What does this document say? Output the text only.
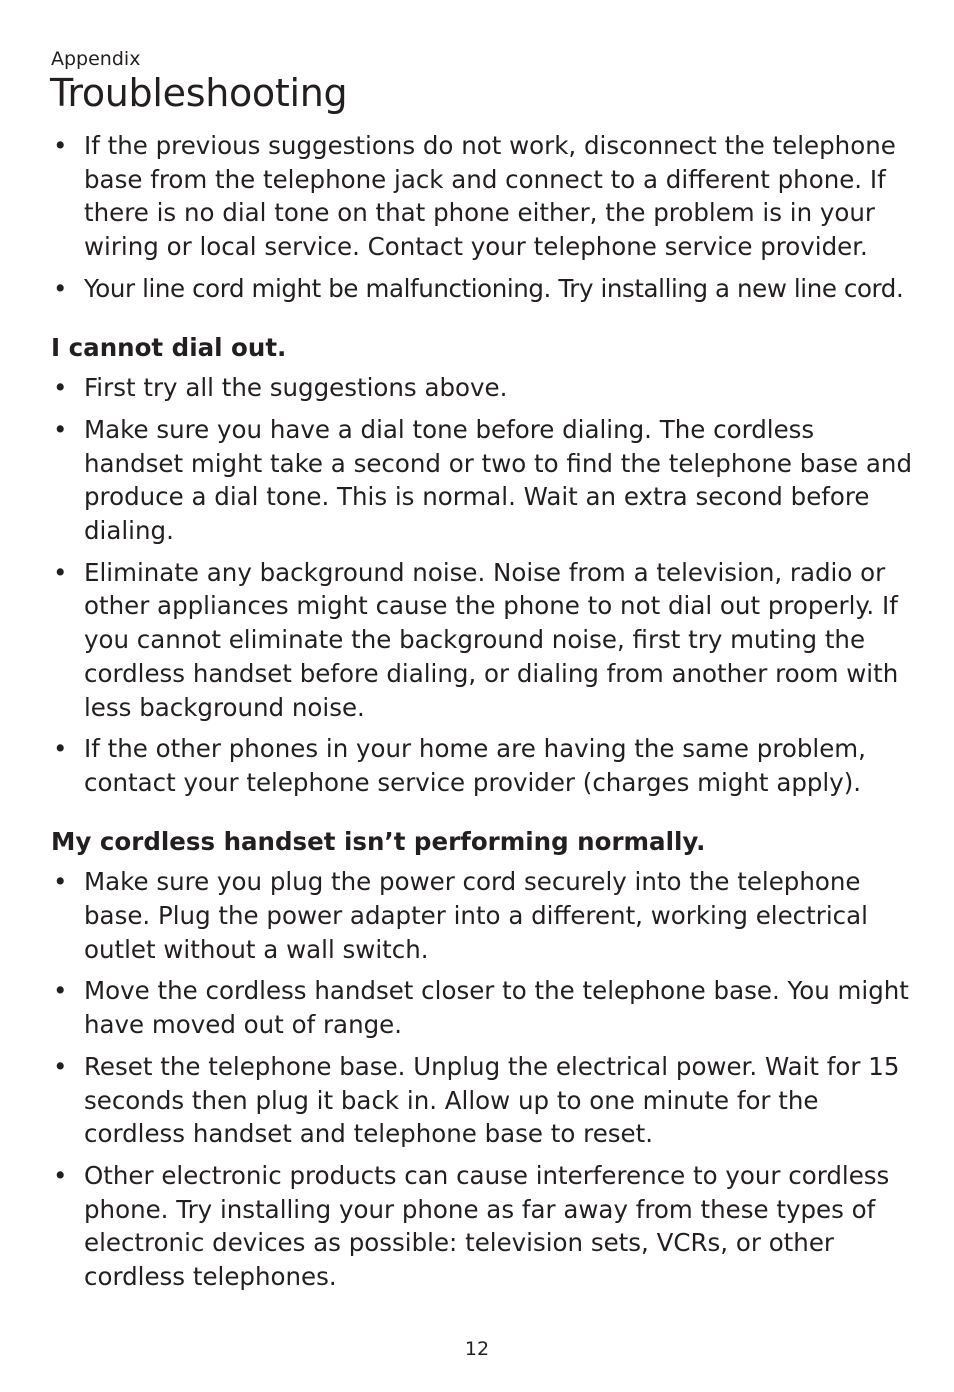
Appendix
Troubleshooting
• If the previous suggestions do not work, disconnect the telephone base from the telephone jack and connect to a different phone. If there is no dial tone on that phone either, the problem is in your wiring or local service. Contact your telephone service provider.
• Your line cord might be malfunctioning. Try installing a new line cord.
I cannot dial out.
• First try all the suggestions above.
• Make sure you have a dial tone before dialing. The cordless handset might take a second or two to find the telephone base and produce a dial tone. This is normal. Wait an extra second before dialing.
• Eliminate any background noise. Noise from a television, radio or other appliances might cause the phone to not dial out properly. If you cannot eliminate the background noise, first try muting the cordless handset before dialing, or dialing from another room with less background noise.
• If the other phones in your home are having the same problem, contact your telephone service provider (charges might apply).
My cordless handset isn’t performing normally.
• Make sure you plug the power cord securely into the telephone base. Plug the power adapter into a different, working electrical outlet without a wall switch.
• Move the cordless handset closer to the telephone base. You might have moved out of range.
• Reset the telephone base. Unplug the electrical power. Wait for 15 seconds then plug it back in. Allow up to one minute for the cordless handset and telephone base to reset.
• Other electronic products can cause interference to your cordless phone. Try installing your phone as far away from these types of electronic devices as possible: television sets, VCRs, or other cordless telephones.
12
